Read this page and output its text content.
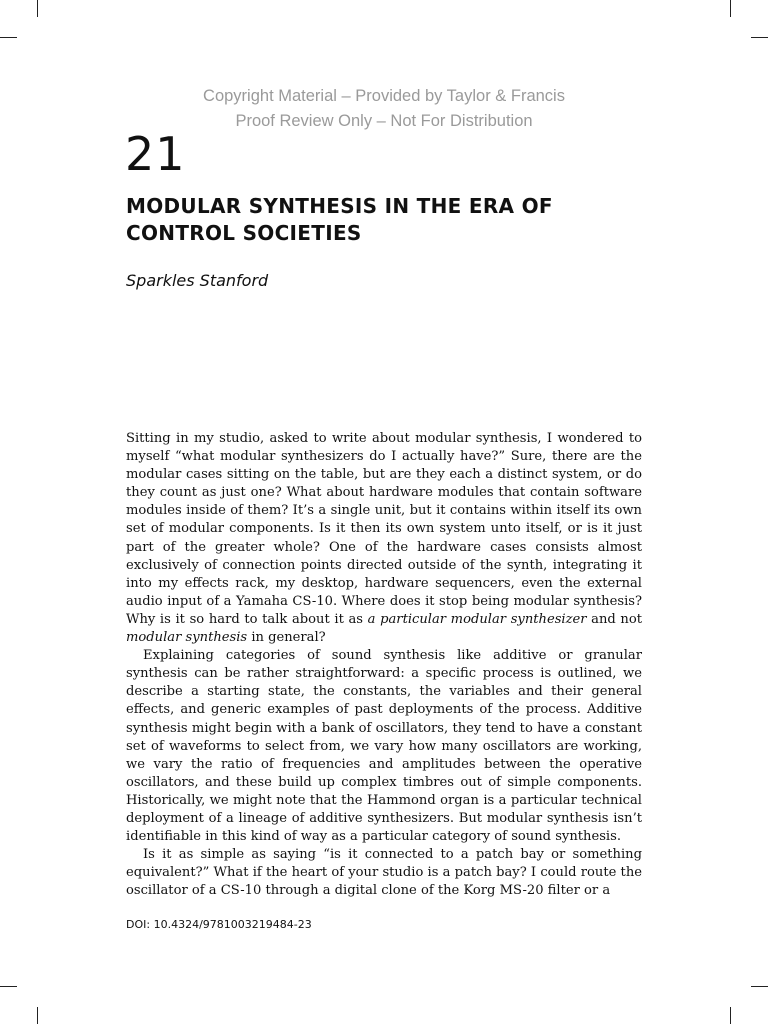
Copyright Material – Provided by Taylor & Francis
Proof Review Only – Not For Distribution
21
MODULAR SYNTHESIS IN THE ERA OF CONTROL SOCIETIES
Sparkles Stanford

Sitting in my studio, asked to write about modular synthesis, I wondered to myself “what modular synthesizers do I actually have?” Sure, there are the modular cases sitting on the table, but are they each a distinct system, or do they count as just one? What about hardware modules that contain software modules inside of them? It’s a single unit, but it contains within itself its own set of modular components. Is it then its own system unto itself, or is it just part of the greater whole? One of the hardware cases consists almost exclusively of connection points directed outside of the synth, integrating it into my effects rack, my desktop, hardware sequencers, even the external audio input of a Yamaha CS-10. Where does it stop being modular synthesis? Why is it so hard to talk about it as a particular modular synthesizer and not modular synthesis in general?

Explaining categories of sound synthesis like additive or granular synthesis can be rather straightforward: a specific process is outlined, we describe a starting state, the constants, the variables and their general effects, and generic examples of past deployments of the process. Additive synthesis might begin with a bank of oscillators, they tend to have a constant set of waveforms to select from, we vary how many oscillators are working, we vary the ratio of frequencies and amplitudes between the operative oscillators, and these build up complex timbres out of simple components. Historically, we might note that the Hammond organ is a particular technical deployment of a lineage of additive synthesizers. But modular synthesis isn’t identifiable in this kind of way as a particular category of sound synthesis.

Is it as simple as saying “is it connected to a patch bay or something equivalent?” What if the heart of your studio is a patch bay? I could route the oscillator of a CS-10 through a digital clone of the Korg MS-20 filter or a

DOI: 10.4324/9781003219484-23
